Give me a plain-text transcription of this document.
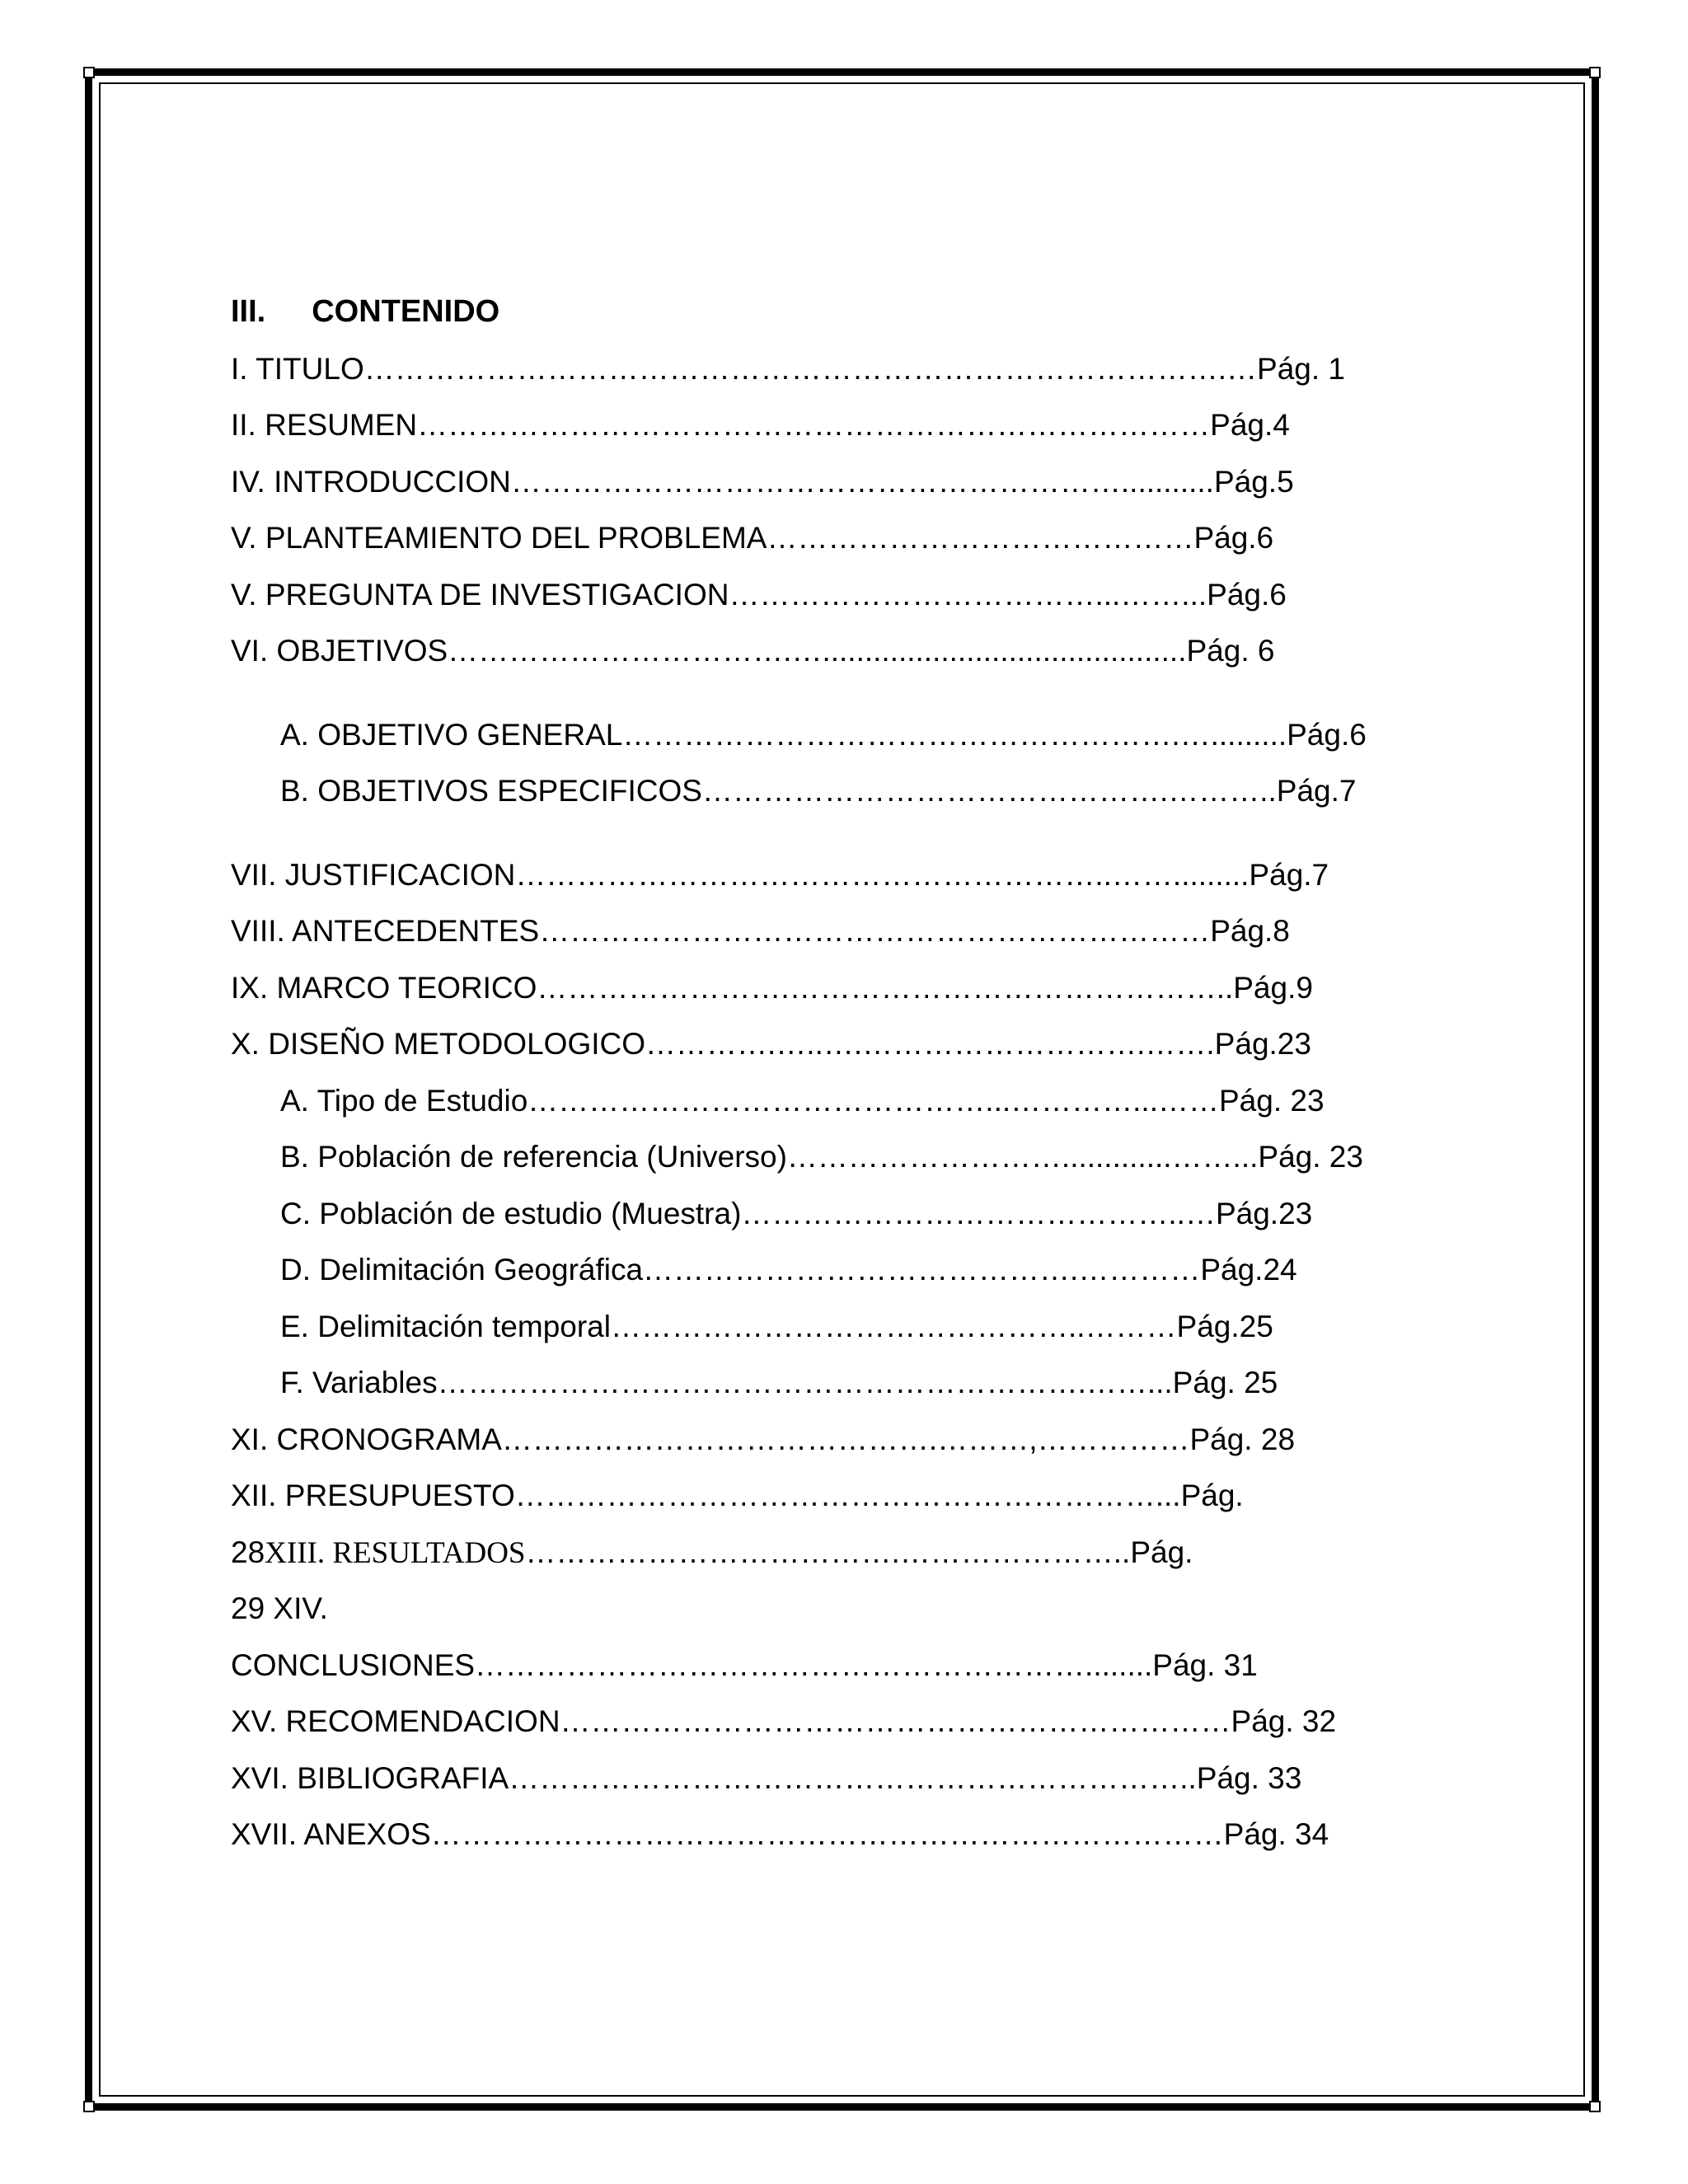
III. CONTENIDO
I. TITULO………………………………………………………………………….…Pág. 1
II. RESUMEN……………………………………………………………………Pág.4
IV. INTRODUCCION……………………………………………………...........Pág.5
V. PLANTEAMIENTO DEL PROBLEMA……………………………………Pág.6
V. PREGUNTA DE INVESTIGACION………………………………...……...Pág.6
VI. OBJETIVOS…………………………….…...........................................Pág. 6
A. OBJETIVO GENERAL……………………………………………….….........Pág.6
B. OBJETIVOS ESPECIFICOS……………………………………….………..Pág.7
VII. JUSTIFICACION…………………………………………………..…….........Pág.7
VIII. ANTECEDENTES…………………………………………………………Pág.8
IX. MARCO TEORICO…………………….……………………………………..Pág.9
X. DISEÑO METODOLOGICO………….…..….……………………….…….Pág.23
A. Tipo de Estudio………………………………………...…………...……Pág. 23
B. Población de referencia (Universo)……………………….............……...Pág. 23
C. Población de estudio (Muestra)……………………………………..…Pág.23
D. Delimitación Geográfica…………………………………….…………Pág.24
E. Delimitación temporal………………………………………..………Pág.25
F. Variables……………………………………………………….……...Pág. 25
XI. CRONOGRAMA…………………………………….………,……………Pág. 28
XII. PRESUPUESTO………………………………………………………...Pág.
28XIII. RESULTADOS……………………………….…………………..Pág.
29 XIV.
CONCLUSIONES……………………………………………………........Pág. 31
XV. RECOMENDACION…………………………………………………………Pág. 32
XVI. BIBLIOGRAFIA…………………………………………………………..Pág. 33
XVII. ANEXOS……………………………………………………………………Pág. 34
